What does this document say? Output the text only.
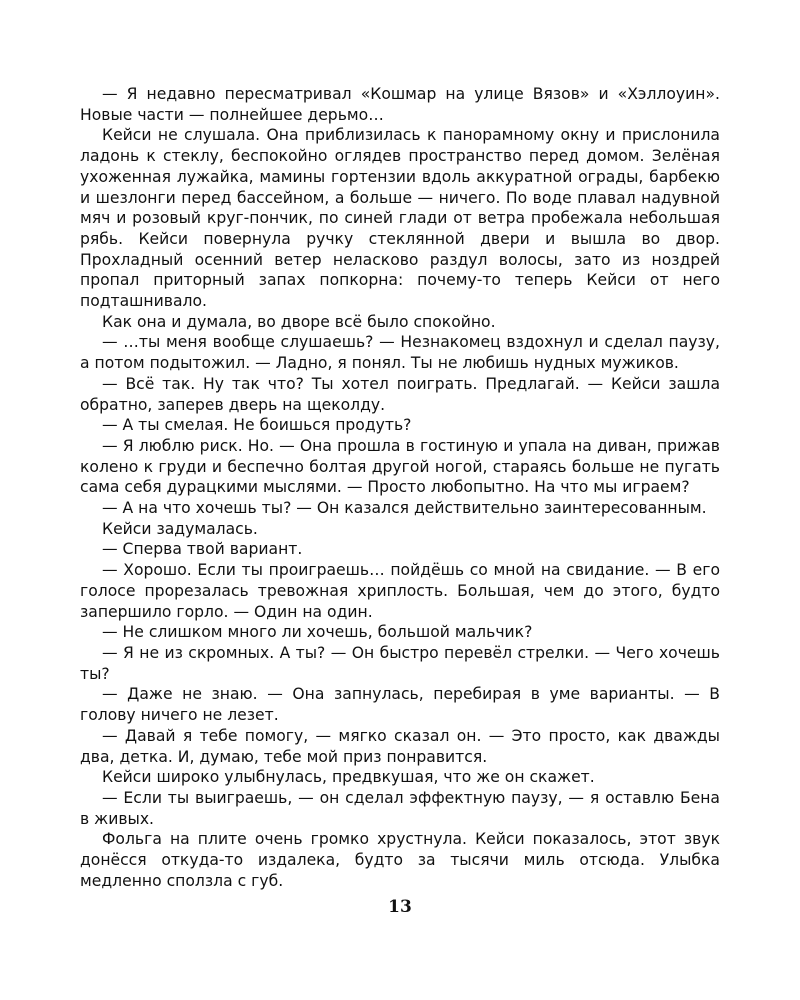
— Я недавно пересматривал «Кошмар на улице Вязов» и «Хэллоуин». Новые части — полнейшее дерьмо…

Кейси не слушала. Она приблизилась к панорамному окну и прислонила ладонь к стеклу, беспокойно оглядев пространство перед домом. Зелёная ухоженная лужайка, мамины гортензии вдоль аккуратной ограды, барбекю и шезлонги перед бассейном, а больше — ничего. По воде плавал надувной мяч и розовый круг-пончик, по синей глади от ветра пробежала небольшая рябь. Кейси повернула ручку стеклянной двери и вышла во двор. Прохладный осенний ветер неласково раздул волосы, зато из ноздрей пропал приторный запах попкорна: почему-то теперь Кейси от него подташнивало.

Как она и думала, во дворе всё было спокойно.

— …ты меня вообще слушаешь? — Незнакомец вздохнул и сделал паузу, а потом подытожил. — Ладно, я понял. Ты не любишь нудных мужиков.

— Всё так. Ну так что? Ты хотел поиграть. Предлагай. — Кейси зашла обратно, заперев дверь на щеколду.

— А ты смелая. Не боишься продуть?

— Я люблю риск. Но. — Она прошла в гостиную и упала на диван, прижав колено к груди и беспечно болтая другой ногой, стараясь больше не пугать сама себя дурацкими мыслями. — Просто любопытно. На что мы играем?

— А на что хочешь ты? — Он казался действительно заинтересованным.

Кейси задумалась.

— Сперва твой вариант.

— Хорошо. Если ты проиграешь… пойдёшь со мной на свидание. — В его голосе прорезалась тревожная хриплость. Большая, чем до этого, будто запершило горло. — Один на один.

— Не слишком много ли хочешь, большой мальчик?

— Я не из скромных. А ты? — Он быстро перевёл стрелки. — Чего хочешь ты?

— Даже не знаю. — Она запнулась, перебирая в уме варианты. — В голову ничего не лезет.

— Давай я тебе помогу, — мягко сказал он. — Это просто, как дважды два, детка. И, думаю, тебе мой приз понравится.

Кейси широко улыбнулась, предвкушая, что же он скажет.

— Если ты выиграешь, — он сделал эффектную паузу, — я оставлю Бена в живых.

Фольга на плите очень громко хрустнула. Кейси показалось, этот звук донёсся откуда-то издалека, будто за тысячи миль отсюда. Улыбка медленно сползла с губ.

13
